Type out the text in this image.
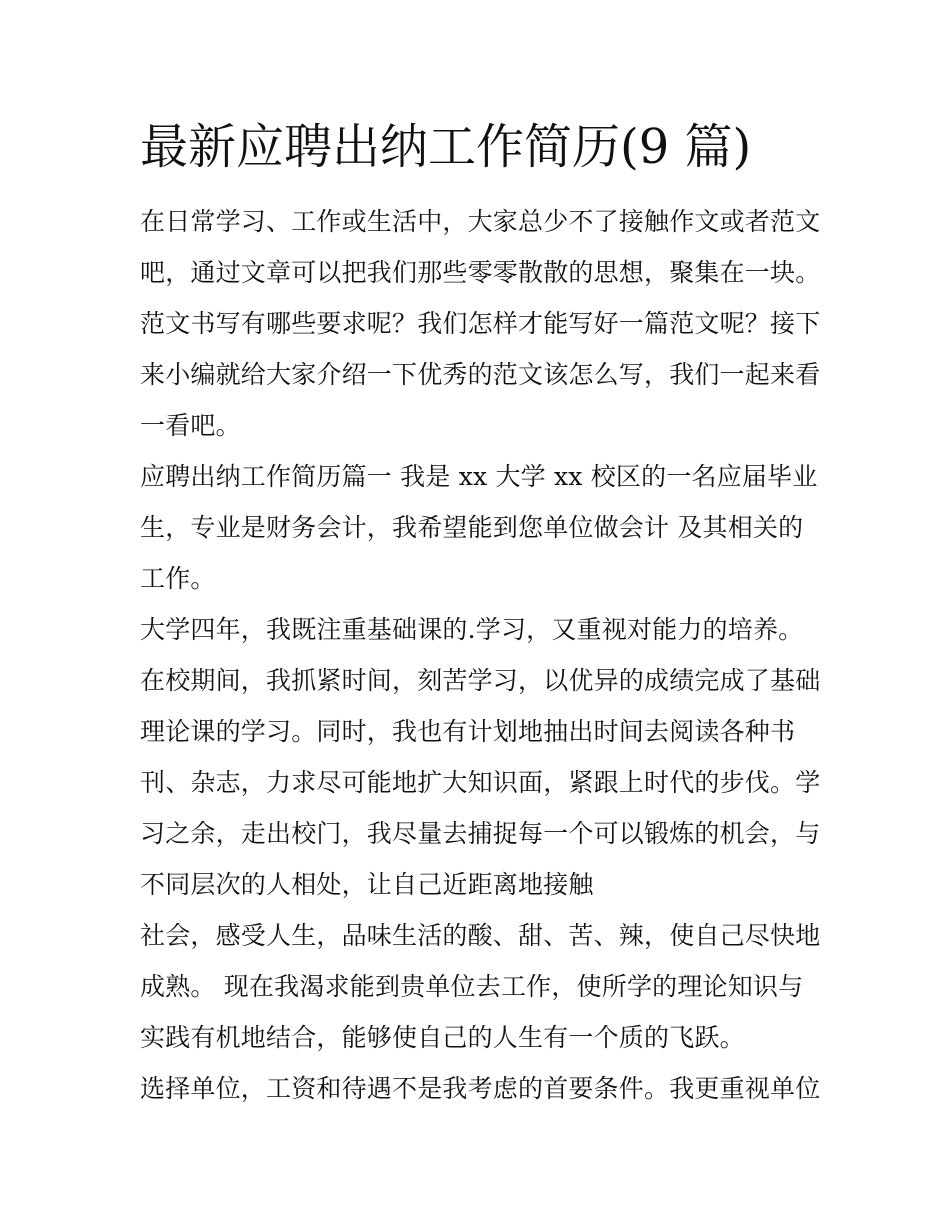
最新应聘出纳工作简历(9 篇)
在日常学习、工作或生活中，大家总少不了接触作文或者范文
吧，通过文章可以把我们那些零零散散的思想，聚集在一块。
范文书写有哪些要求呢？我们怎样才能写好一篇范文呢？接下
来小编就给大家介绍一下优秀的范文该怎么写，我们一起来看
一看吧。
应聘出纳工作简历篇一 我是 xx 大学 xx 校区的一名应届毕业
生，专业是财务会计，我希望能到您单位做会计 及其相关的
工作。
大学四年，我既注重基础课的.学习，又重视对能力的培养。
在校期间，我抓紧时间，刻苦学习，以优异的成绩完成了基础
理论课的学习。同时，我也有计划地抽出时间去阅读各种书
刊、杂志，力求尽可能地扩大知识面，紧跟上时代的步伐。学
习之余，走出校门，我尽量去捕捉每一个可以锻炼的机会，与
不同层次的人相处，让自己近距离地接触
社会，感受人生，品味生活的酸、甜、苦、辣，使自己尽快地
成熟。 现在我渴求能到贵单位去工作，使所学的理论知识与
实践有机地结合，能够使自己的人生有一个质的飞跃。
选择单位，工资和待遇不是我考虑的首要条件。我更重视单位
